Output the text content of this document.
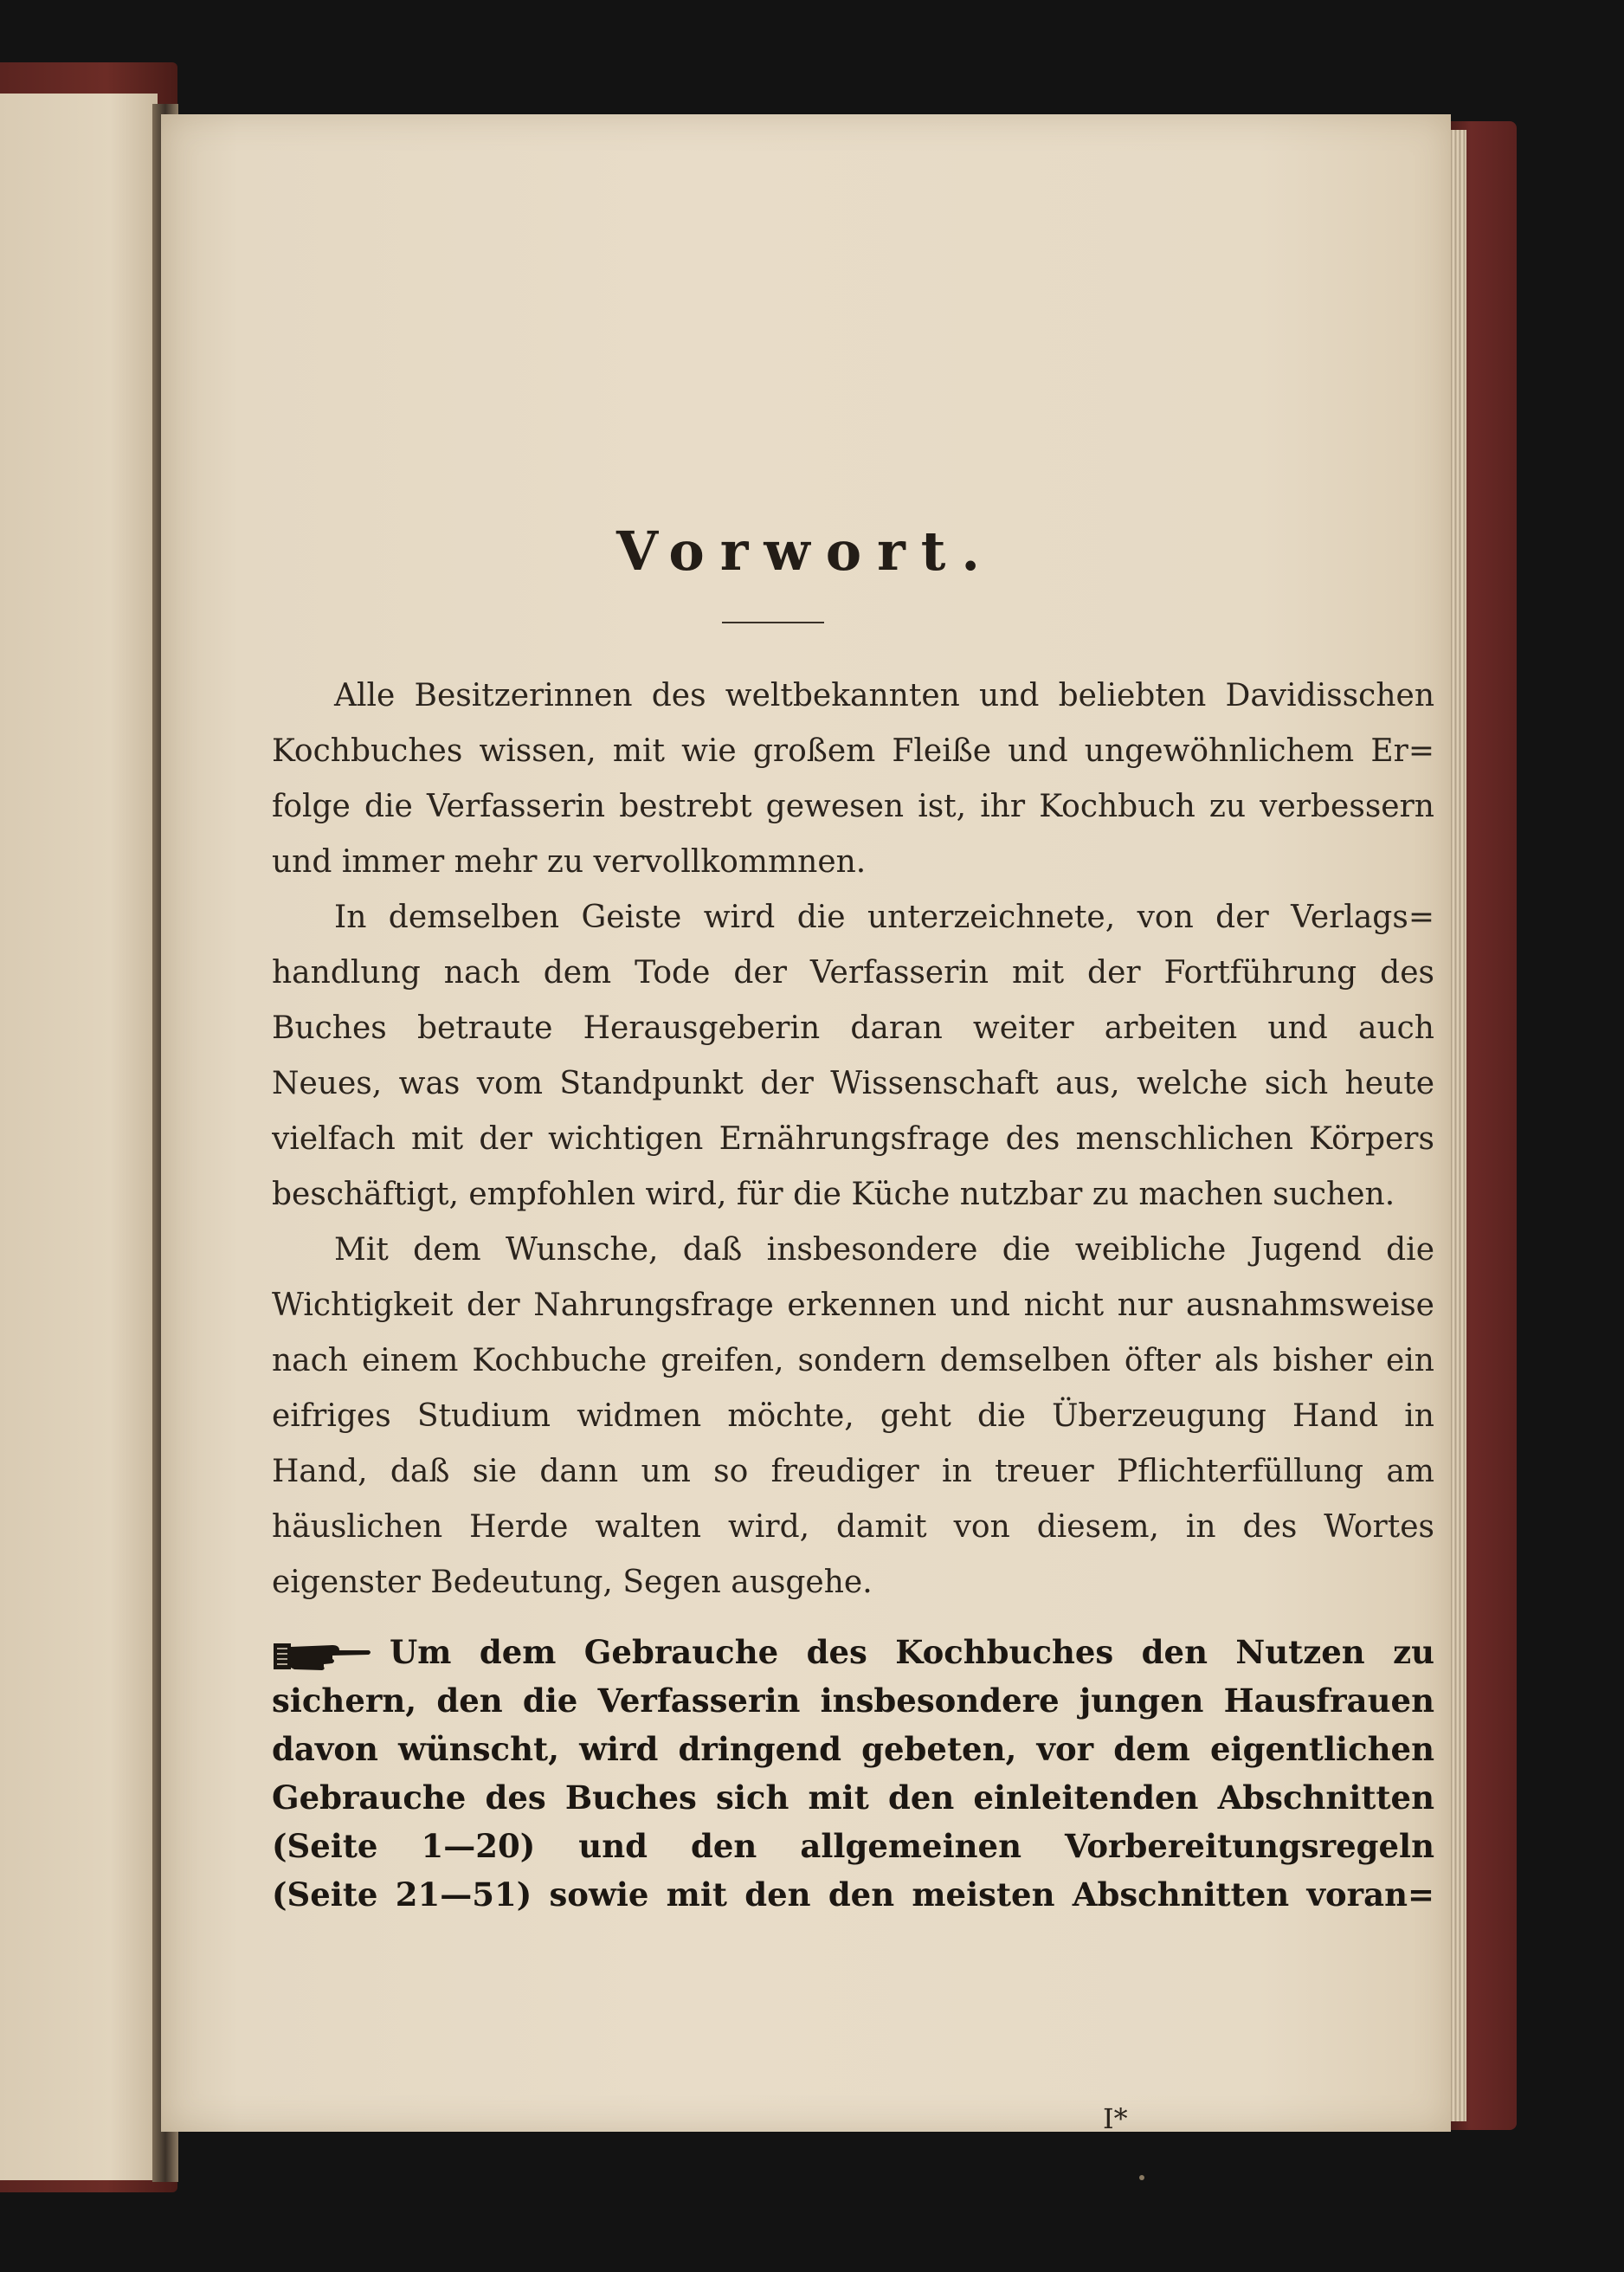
Vorwort.
Alle Besitzerinnen des weltbekannten und beliebten Davidisschen
Kochbuches wissen, mit wie großem Fleiße und ungewöhnlichem Er=
folge die Verfasserin bestrebt gewesen ist, ihr Kochbuch zu verbessern
und immer mehr zu vervollkommnen.
In demselben Geiste wird die unterzeichnete, von der Verlags=
handlung nach dem Tode der Verfasserin mit der Fortführung des
Buches betraute Herausgeberin daran weiter arbeiten und auch
Neues, was vom Standpunkt der Wissenschaft aus, welche sich heute
vielfach mit der wichtigen Ernährungsfrage des menschlichen Körpers
beschäftigt, empfohlen wird, für die Küche nutzbar zu machen suchen.
Mit dem Wunsche, daß insbesondere die weibliche Jugend die
Wichtigkeit der Nahrungsfrage erkennen und nicht nur ausnahmsweise
nach einem Kochbuche greifen, sondern demselben öfter als bisher ein
eifriges Studium widmen möchte, geht die Überzeugung Hand in
Hand, daß sie dann um so freudiger in treuer Pflichterfüllung am
häuslichen Herde walten wird, damit von diesem, in des Wortes
eigenster Bedeutung, Segen ausgehe.
Um dem Gebrauche des Kochbuches den Nutzen zu
sichern, den die Verfasserin insbesondere jungen Hausfrauen
davon wünscht, wird dringend gebeten, vor dem eigentlichen
Gebrauche des Buches sich mit den einleitenden Abschnitten
(Seite 1—20) und den allgemeinen Vorbereitungsregeln
(Seite 21—51) sowie mit den den meisten Abschnitten voran=
I*
